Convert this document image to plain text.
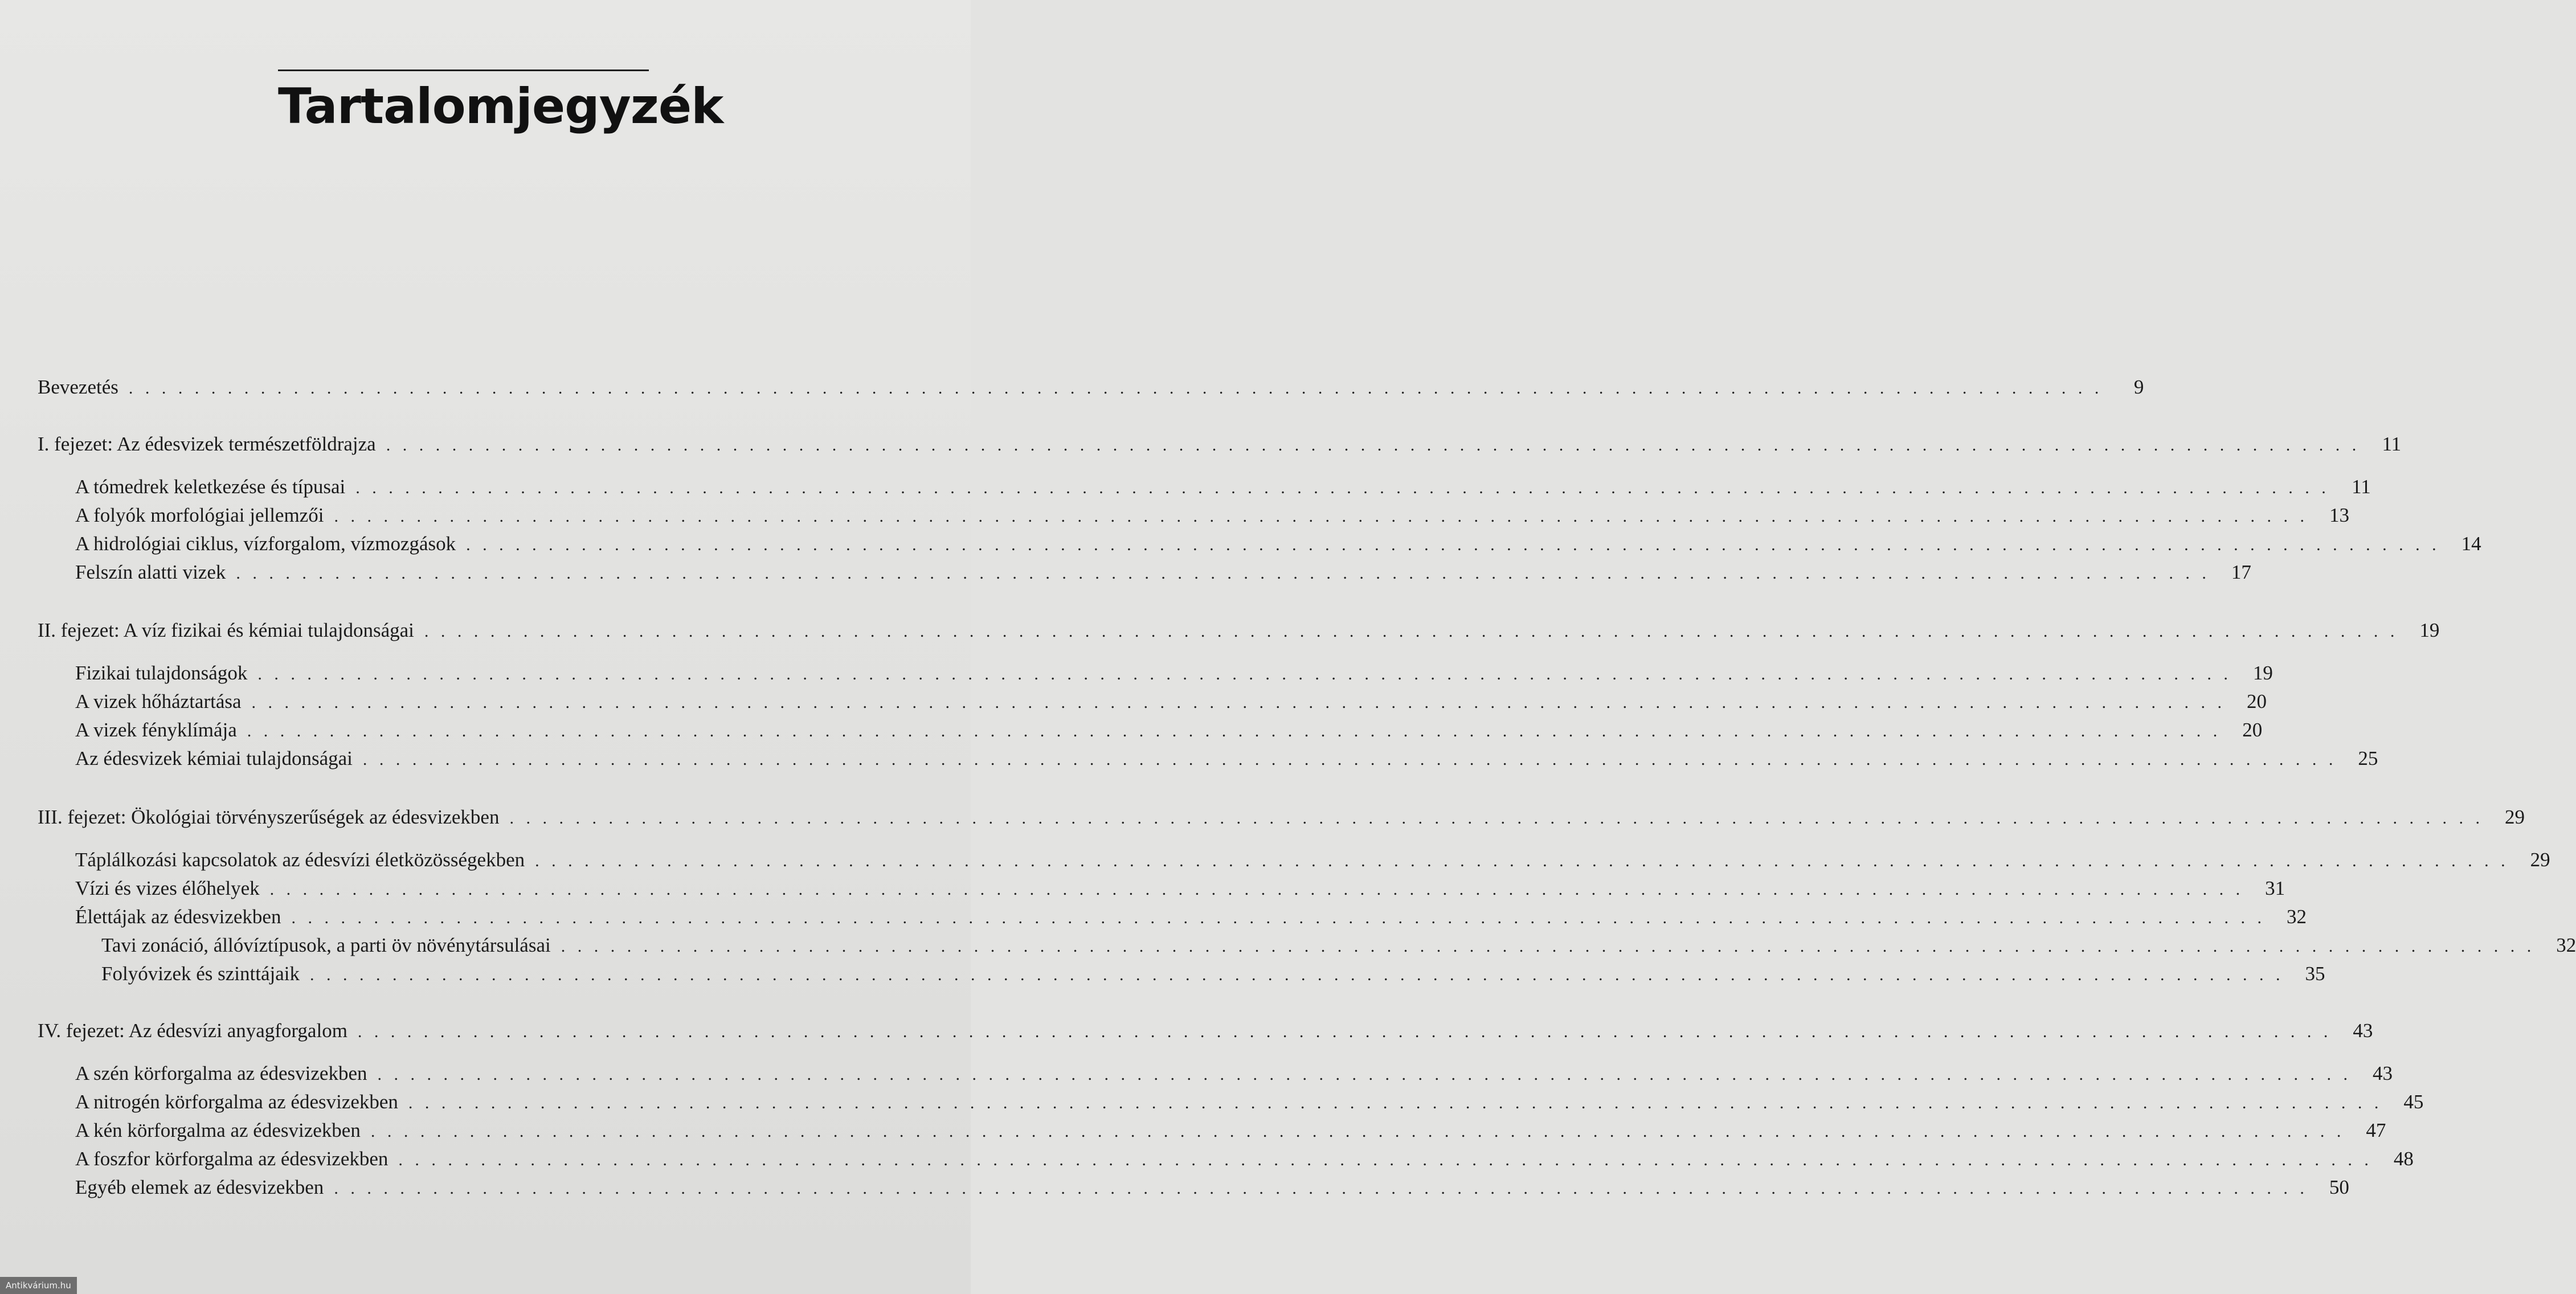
Tartalomjegyzék
Bevezetés . . . . . . . . . . . . . . . . . . . . . . . . . . . . . . . . . . . . . . . . . . . . . . . . . . . . . . . . . . . . . . . . . . . . . . . . . . . . . . . . . . . . . . . . . . . . . . . . . . . . . . . . . . . . . . . . . . . . . . . .	9
I. fejezet: Az édesvizek természetföldrajza . . . . . . . . . . . . . . . . . . . . . . . . . . . . . . . . . . . . . . . . . . . . . . . . . . . . . . . . . . . . . . . . . . . . . . . . . . . . . . . . . . . . . . . . . . . . . . . . . . . . . . . . . . . . . . . . . . . . . . . .	11
A tómedrek keletkezése és típusai . . . . . . . . . . . . . . . . . . . . . . . . . . . . . . . . . . . . . . . . . . . . . . . . . . . . . . . . . . . . . . . . . . . . . . . . . . . . . . . . . . . . . . . . . . . . . . . . . . . . . . . . . . . . . . . . . . . . . . . .	11
A folyók morfológiai jellemzői . . . . . . . . . . . . . . . . . . . . . . . . . . . . . . . . . . . . . . . . . . . . . . . . . . . . . . . . . . . . . . . . . . . . . . . . . . . . . . . . . . . . . . . . . . . . . . . . . . . . . . . . . . . . . . . . . . . . . . . .	13
A hidrológiai ciklus, vízforgalom, vízmozgások . . . . . . . . . . . . . . . . . . . . . . . . . . . . . . . . . . . . . . . . . . . . . . . . . . . . . . . . . . . . . . . . . . . . . . . . . . . . . . . . . . . . . . . . . . . . . . . . . . . . . . . . . . . . . . . . . . . . . . . .	14
Felszín alatti vizek . . . . . . . . . . . . . . . . . . . . . . . . . . . . . . . . . . . . . . . . . . . . . . . . . . . . . . . . . . . . . . . . . . . . . . . . . . . . . . . . . . . . . . . . . . . . . . . . . . . . . . . . . . . . . . . . . . . . . . . .	17
II. fejezet: A víz fizikai és kémiai tulajdonságai . . . . . . . . . . . . . . . . . . . . . . . . . . . . . . . . . . . . . . . . . . . . . . . . . . . . . . . . . . . . . . . . . . . . . . . . . . . . . . . . . . . . . . . . . . . . . . . . . . . . . . . . . . . . . . . . . . . . . . . .	19
Fizikai tulajdonságok . . . . . . . . . . . . . . . . . . . . . . . . . . . . . . . . . . . . . . . . . . . . . . . . . . . . . . . . . . . . . . . . . . . . . . . . . . . . . . . . . . . . . . . . . . . . . . . . . . . . . . . . . . . . . . . . . . . . . . . .	19
A vizek hőháztartása . . . . . . . . . . . . . . . . . . . . . . . . . . . . . . . . . . . . . . . . . . . . . . . . . . . . . . . . . . . . . . . . . . . . . . . . . . . . . . . . . . . . . . . . . . . . . . . . . . . . . . . . . . . . . . . . . . . . . . . .	20
A vizek fényklímája . . . . . . . . . . . . . . . . . . . . . . . . . . . . . . . . . . . . . . . . . . . . . . . . . . . . . . . . . . . . . . . . . . . . . . . . . . . . . . . . . . . . . . . . . . . . . . . . . . . . . . . . . . . . . . . . . . . . . . . .	20
Az édesvizek kémiai tulajdonságai . . . . . . . . . . . . . . . . . . . . . . . . . . . . . . . . . . . . . . . . . . . . . . . . . . . . . . . . . . . . . . . . . . . . . . . . . . . . . . . . . . . . . . . . . . . . . . . . . . . . . . . . . . . . . . . . . . . . . . . .	25
III. fejezet: Ökológiai törvényszerűségek az édesvizekben . . . . . . . . . . . . . . . . . . . . . . . . . . . . . . . . . . . . . . . . . . . . . . . . . . . . . . . . . . . . . . . . . . . . . . . . . . . . . . . . . . . . . . . . . . . . . . . . . . . . . . . . . . . . . . . . . . . . . . . .	29
Táplálkozási kapcsolatok az édesvízi életközösségekben . . . . . . . . . . . . . . . . . . . . . . . . . . . . . . . . . . . . . . . . . . . . . . . . . . . . . . . . . . . . . . . . . . . . . . . . . . . . . . . . . . . . . . . . . . . . . . . . . . . . . . . . . . . . . . . . . . . . . . . .	29
Vízi és vizes élőhelyek . . . . . . . . . . . . . . . . . . . . . . . . . . . . . . . . . . . . . . . . . . . . . . . . . . . . . . . . . . . . . . . . . . . . . . . . . . . . . . . . . . . . . . . . . . . . . . . . . . . . . . . . . . . . . . . . . . . . . . . .	31
Élettájak az édesvizekben . . . . . . . . . . . . . . . . . . . . . . . . . . . . . . . . . . . . . . . . . . . . . . . . . . . . . . . . . . . . . . . . . . . . . . . . . . . . . . . . . . . . . . . . . . . . . . . . . . . . . . . . . . . . . . . . . . . . . . . .	32
Tavi zonáció, állóvíztípusok, a parti öv növénytársulásai . . . . . . . . . . . . . . . . . . . . . . . . . . . . . . . . . . . . . . . . . . . . . . . . . . . . . . . . . . . . . . . . . . . . . . . . . . . . . . . . . . . . . . . . . . . . . . . . . . . . . . . . . . . . . . . . . . . . . . . .	32
Folyóvizek és szinttájaik . . . . . . . . . . . . . . . . . . . . . . . . . . . . . . . . . . . . . . . . . . . . . . . . . . . . . . . . . . . . . . . . . . . . . . . . . . . . . . . . . . . . . . . . . . . . . . . . . . . . . . . . . . . . . . . . . . . . . . . .	35
IV. fejezet: Az édesvízi anyagforgalom . . . . . . . . . . . . . . . . . . . . . . . . . . . . . . . . . . . . . . . . . . . . . . . . . . . . . . . . . . . . . . . . . . . . . . . . . . . . . . . . . . . . . . . . . . . . . . . . . . . . . . . . . . . . . . . . . . . . . . . .	43
A szén körforgalma az édesvizekben . . . . . . . . . . . . . . . . . . . . . . . . . . . . . . . . . . . . . . . . . . . . . . . . . . . . . . . . . . . . . . . . . . . . . . . . . . . . . . . . . . . . . . . . . . . . . . . . . . . . . . . . . . . . . . . . . . . . . . . .	43
A nitrogén körforgalma az édesvizekben . . . . . . . . . . . . . . . . . . . . . . . . . . . . . . . . . . . . . . . . . . . . . . . . . . . . . . . . . . . . . . . . . . . . . . . . . . . . . . . . . . . . . . . . . . . . . . . . . . . . . . . . . . . . . . . . . . . . . . . .	45
A kén körforgalma az édesvizekben . . . . . . . . . . . . . . . . . . . . . . . . . . . . . . . . . . . . . . . . . . . . . . . . . . . . . . . . . . . . . . . . . . . . . . . . . . . . . . . . . . . . . . . . . . . . . . . . . . . . . . . . . . . . . . . . . . . . . . . .	47
A foszfor körforgalma az édesvizekben . . . . . . . . . . . . . . . . . . . . . . . . . . . . . . . . . . . . . . . . . . . . . . . . . . . . . . . . . . . . . . . . . . . . . . . . . . . . . . . . . . . . . . . . . . . . . . . . . . . . . . . . . . . . . . . . . . . . . . . .	48
Egyéb elemek az édesvizekben . . . . . . . . . . . . . . . . . . . . . . . . . . . . . . . . . . . . . . . . . . . . . . . . . . . . . . . . . . . . . . . . . . . . . . . . . . . . . . . . . . . . . . . . . . . . . . . . . . . . . . . . . . . . . . . . . . . . . . . .	50
Antikvárium.hu
